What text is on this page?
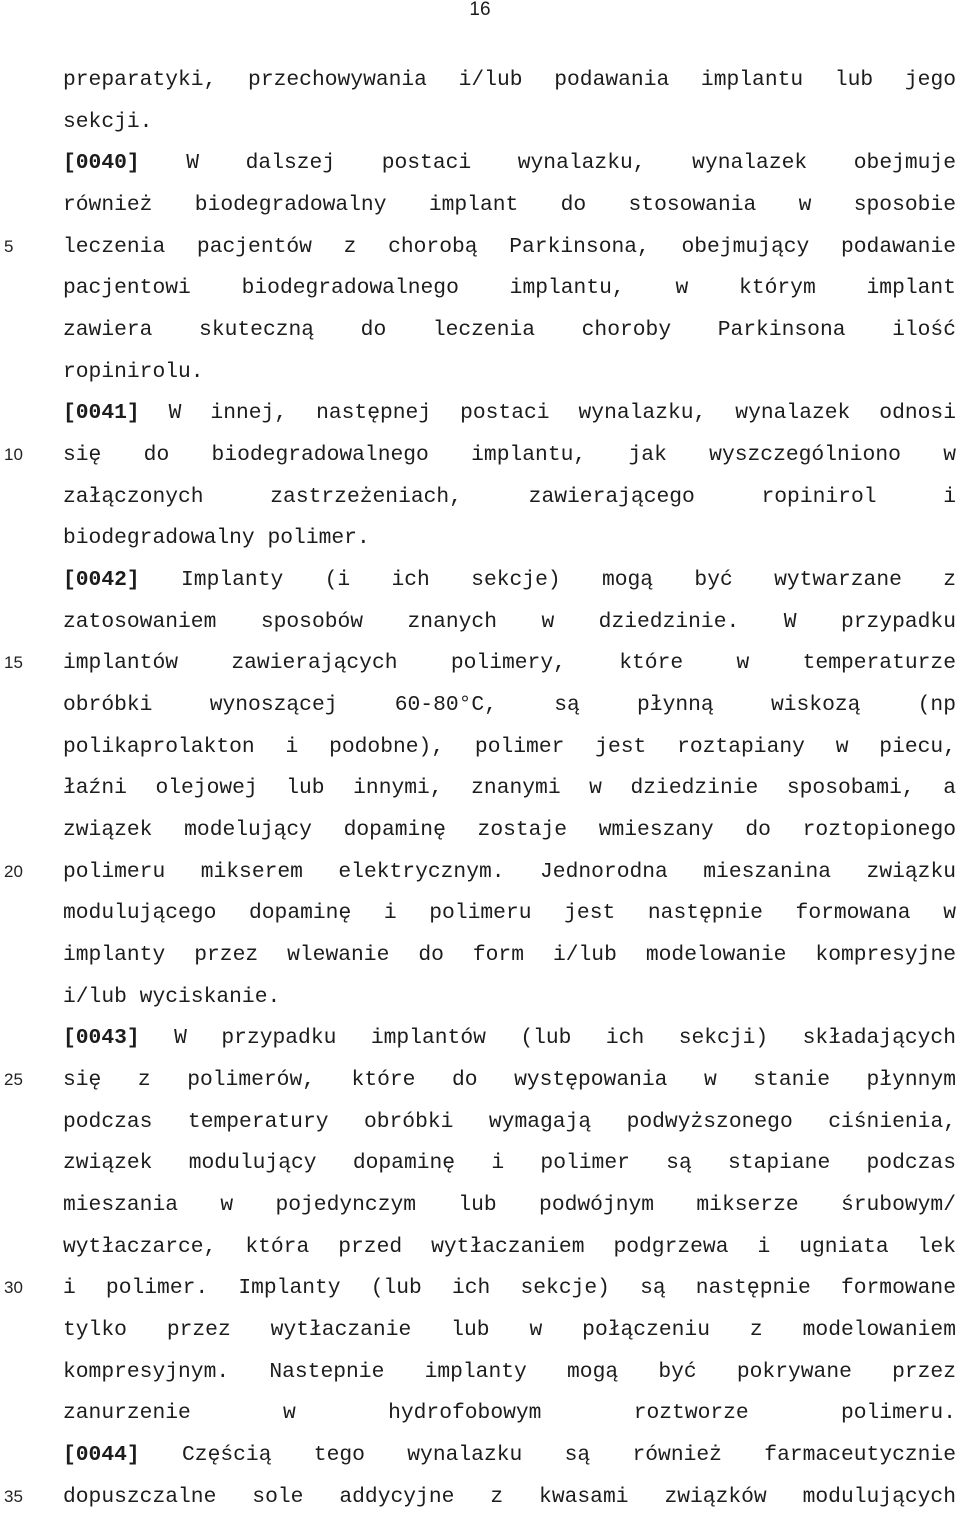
16
5
10
15
20
25
30
35
preparatyki, przechowywania i/lub podawania implantu lub jego
sekcji.
[0040] W dalszej postaci wynalazku, wynalazek obejmuje
również biodegradowalny implant do stosowania w sposobie
leczenia pacjentów z chorobą Parkinsona, obejmujący podawanie
pacjentowi biodegradowalnego implantu, w którym implant
zawiera skuteczną do leczenia choroby Parkinsona ilość
ropinirolu.
[0041] W innej, następnej postaci wynalazku, wynalazek odnosi
się do biodegradowalnego implantu, jak wyszczególniono w
załączonych zastrzeżeniach, zawierającego ropinirol i
biodegradowalny polimer.
[0042] Implanty (i ich sekcje) mogą być wytwarzane z
zatosowaniem sposobów znanych w dziedzinie. W przypadku
implantów zawierających polimery, które w temperaturze
obróbki wynoszącej 60-80°C, są płynną wiskozą (np
polikaprolakton i podobne), polimer jest roztapiany w piecu,
łaźni olejowej lub innymi, znanymi w dziedzinie sposobami, a
związek modelujący dopaminę zostaje wmieszany do roztopionego
polimeru mikserem elektrycznym. Jednorodna mieszanina związku
modulującego dopaminę i polimeru jest następnie formowana w
implanty przez wlewanie do form i/lub modelowanie kompresyjne
i/lub wyciskanie.
[0043] W przypadku implantów (lub ich sekcji) składających
się z polimerów, które do występowania w stanie płynnym
podczas temperatury obróbki wymagają podwyższonego ciśnienia,
związek modulujący dopaminę i polimer są stapiane podczas
mieszania w pojedynczym lub podwójnym mikserze śrubowym/
wytłaczarce, która przed wytłaczaniem podgrzewa i ugniata lek
i polimer. Implanty (lub ich sekcje) są następnie formowane
tylko przez wytłaczanie lub w połączeniu z modelowaniem
kompresyjnym. Nastepnie implanty mogą być pokrywane przez
zanurzenie w hydrofobowym roztworze polimeru.
[0044] Częścią tego wynalazku są również farmaceutycznie
dopuszczalne sole addycyjne z kwasami związków modulujących
